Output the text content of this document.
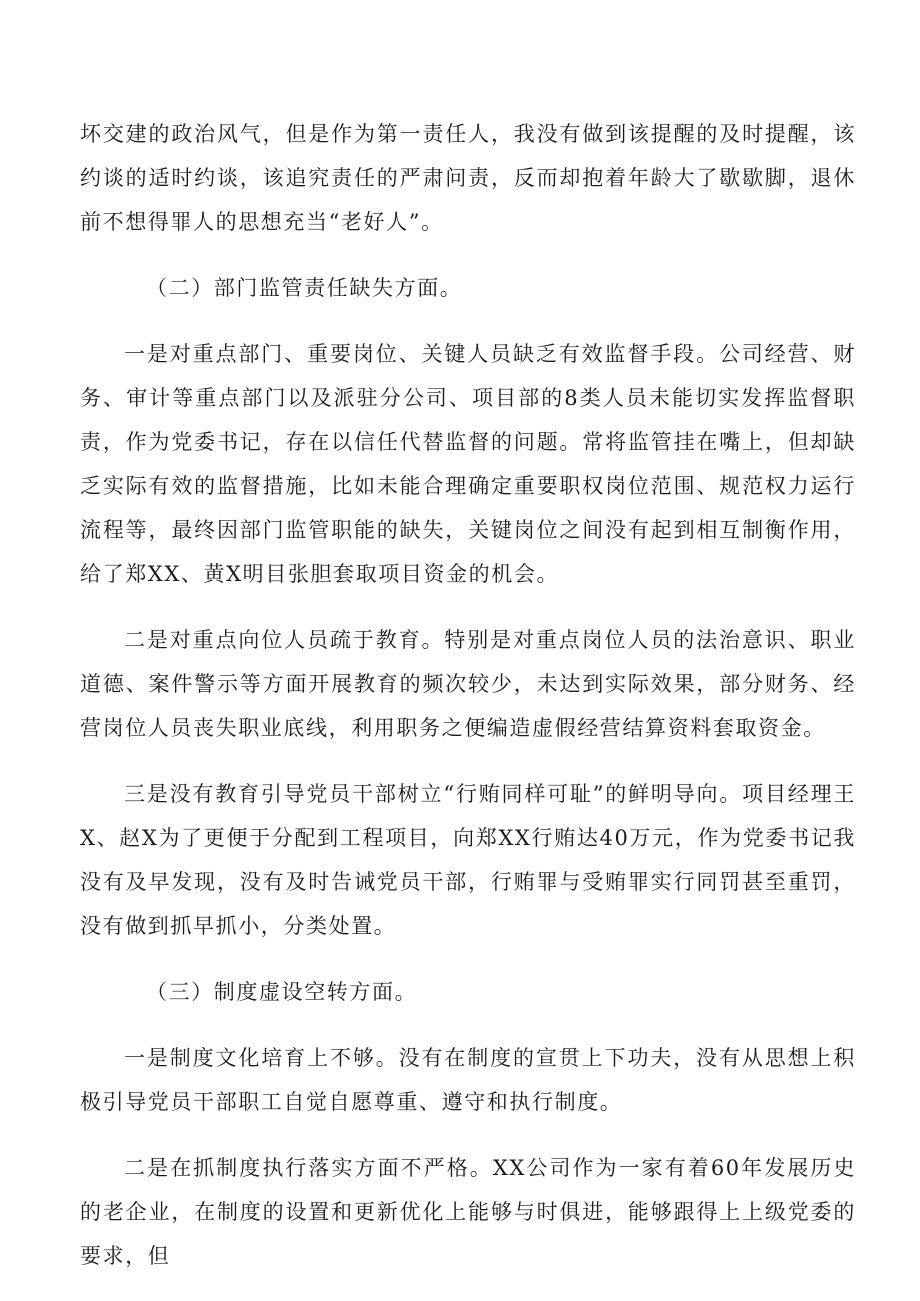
坏交建的政治风气，但是作为第一责任人，我没有做到该提醒的及时提醒，该约谈的适时约谈，该追究责任的严肃问责，反而却抱着年龄大了歇歇脚，退休前不想得罪人的思想充当“老好人”。

（二）部门监管责任缺失方面。

一是对重点部门、重要岗位、关键人员缺乏有效监督手段。公司经营、财务、审计等重点部门以及派驻分公司、项目部的8类人员未能切实发挥监督职责，作为党委书记，存在以信任代替监督的问题。常将监管挂在嘴上，但却缺乏实际有效的监督措施，比如未能合理确定重要职权岗位范围、规范权力运行流程等，最终因部门监管职能的缺失，关键岗位之间没有起到相互制衡作用，给了郑XX、黄X明目张胆套取项目资金的机会。

二是对重点向位人员疏于教育。特别是对重点岗位人员的法治意识、职业道德、案件警示等方面开展教育的频次较少，未达到实际效果，部分财务、经营岗位人员丧失职业底线，利用职务之便编造虚假经营结算资料套取资金。

三是没有教育引导党员干部树立“行贿同样可耻”的鲜明导向。项目经理王X、赵X为了更便于分配到工程项目，向郑XX行贿达40万元，作为党委书记我没有及早发现，没有及时告诫党员干部，行贿罪与受贿罪实行同罚甚至重罚，没有做到抓早抓小，分类处置。

（三）制度虚设空转方面。

一是制度文化培育上不够。没有在制度的宣贯上下功夫，没有从思想上积极引导党员干部职工自觉自愿尊重、遵守和执行制度。

二是在抓制度执行落实方面不严格。XX公司作为一家有着60年发展历史的老企业，在制度的设置和更新优化上能够与时俱进，能够跟得上上级党委的要求，但
